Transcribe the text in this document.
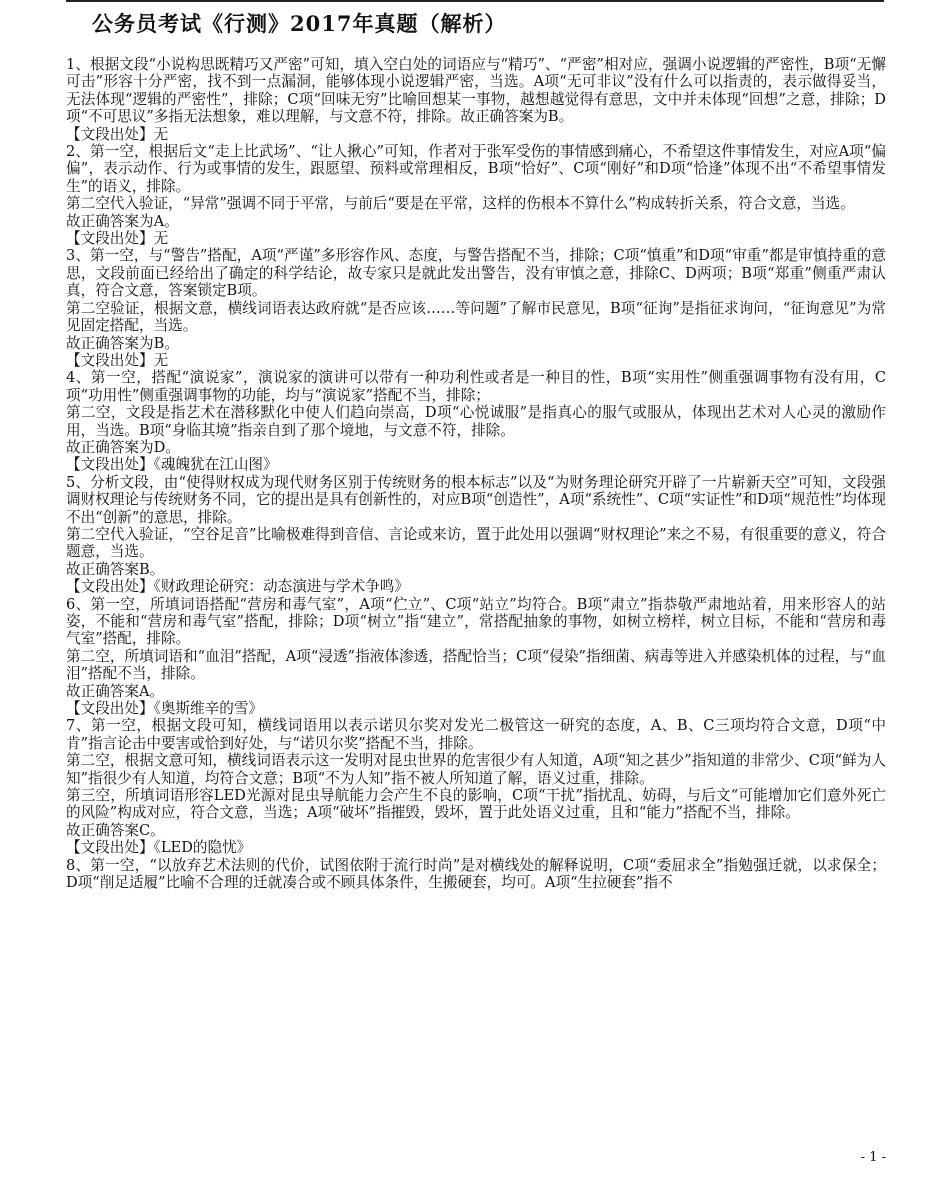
公务员考试《行测》2017年真题（解析）

1、根据文段“小说构思既精巧又严密”可知，填入空白处的词语应与“精巧”、“严密”相对应，强调小说逻辑的严密性，B项“无懈可击”形容十分严密，找不到一点漏洞，能够体现小说逻辑严密，当选。A项“无可非议”没有什么可以指责的，表示做得妥当，无法体现“逻辑的严密性”，排除；C项“回味无穷”比喻回想某一事物，越想越觉得有意思，文中并未体现“回想”之意，排除；D项“不可思议”多指无法想象，难以理解，与文意不符，排除。故正确答案为B。

【文段出处】无

2、第一空，根据后文“走上比武场”、“让人揪心”可知，作者对于张军受伤的事情感到痛心，不希望这件事情发生，对应A项“偏偏”，表示动作、行为或事情的发生，跟愿望、预料或常理相反，B项“恰好”、C项“刚好”和D项“恰逢”体现不出“不希望事情发生”的语义，排除。

第二空代入验证，“异常”强调不同于平常，与前后“要是在平常，这样的伤根本不算什么”构成转折关系，符合文意，当选。

故正确答案为A。

【文段出处】无

3、第一空，与“警告”搭配，A项“严谨”多形容作风、态度，与警告搭配不当，排除；C项“慎重”和D项“审重”都是审慎持重的意思，文段前面已经给出了确定的科学结论，故专家只是就此发出警告，没有审慎之意，排除C、D两项；B项“郑重”侧重严肃认真，符合文意，答案锁定B项。

第二空验证，根据文意，横线词语表达政府就“是否应该……等问题”了解市民意见，B项“征询”是指征求询问，“征询意见”为常见固定搭配，当选。

故正确答案为B。

【文段出处】无

4、第一空，搭配“演说家”，演说家的演讲可以带有一种功利性或者是一种目的性，B项“实用性”侧重强调事物有没有用，C项“功用性”侧重强调事物的功能，均与“演说家”搭配不当，排除；

第二空，文段是指艺术在潜移默化中使人们趋向崇高，D项“心悦诚服”是指真心的服气或服从，体现出艺术对人心灵的激励作用，当选。B项“身临其境”指亲自到了那个境地，与文意不符，排除。

故正确答案为D。

【文段出处】《魂魄犹在江山图》

5、分析文段，由“使得财权成为现代财务区别于传统财务的根本标志”以及“为财务理论研究开辟了一片崭新天空”可知，文段强调财权理论与传统财务不同，它的提出是具有创新性的，对应B项“创造性”，A项“系统性”、C项“实证性”和D项“规范性”均体现不出“创新”的意思，排除。

第二空代入验证，“空谷足音”比喻极难得到音信、言论或来访，置于此处用以强调“财权理论”来之不易，有很重要的意义，符合题意，当选。

故正确答案B。

【文段出处】《财政理论研究：动态演进与学术争鸣》

6、第一空，所填词语搭配“营房和毒气室”，A项“伫立”、C项“站立”均符合。B项“肃立”指恭敬严肃地站着，用来形容人的站姿，不能和“营房和毒气室”搭配，排除；D项“树立”指“建立”，常搭配抽象的事物，如树立榜样，树立目标，不能和“营房和毒气室”搭配，排除。

第二空，所填词语和“血泪”搭配，A项“浸透”指液体渗透，搭配恰当；C项“侵染”指细菌、病毒等进入并感染机体的过程，与“血泪”搭配不当，排除。

故正确答案A。

【文段出处】《奥斯维辛的雪》

7、第一空，根据文段可知，横线词语用以表示诺贝尔奖对发光二极管这一研究的态度，A、B、C三项均符合文意，D项“中肯”指言论击中要害或恰到好处，与“诺贝尔奖”搭配不当，排除。

第二空，根据文意可知，横线词语表示这一发明对昆虫世界的危害很少有人知道，A项“知之甚少”指知道的非常少、C项“鲜为人知”指很少有人知道，均符合文意；B项“不为人知”指不被人所知道了解，语义过重，排除。

第三空，所填词语形容LED光源对昆虫导航能力会产生不良的影响，C项“干扰”指扰乱、妨碍，与后文“可能增加它们意外死亡的风险”构成对应，符合文意，当选；A项“破坏”指摧毁，毁坏，置于此处语义过重，且和“能力”搭配不当，排除。

故正确答案C。

【文段出处】《LED的隐忧》

8、第一空，“以放弃艺术法则的代价，试图依附于流行时尚”是对横线处的解释说明，C项“委屈求全”指勉强迁就，以求保全；D项“削足适履”比喻不合理的迁就凑合或不顾具体条件，生搬硬套，均可。A项“生拉硬套”指不

- 1 -
